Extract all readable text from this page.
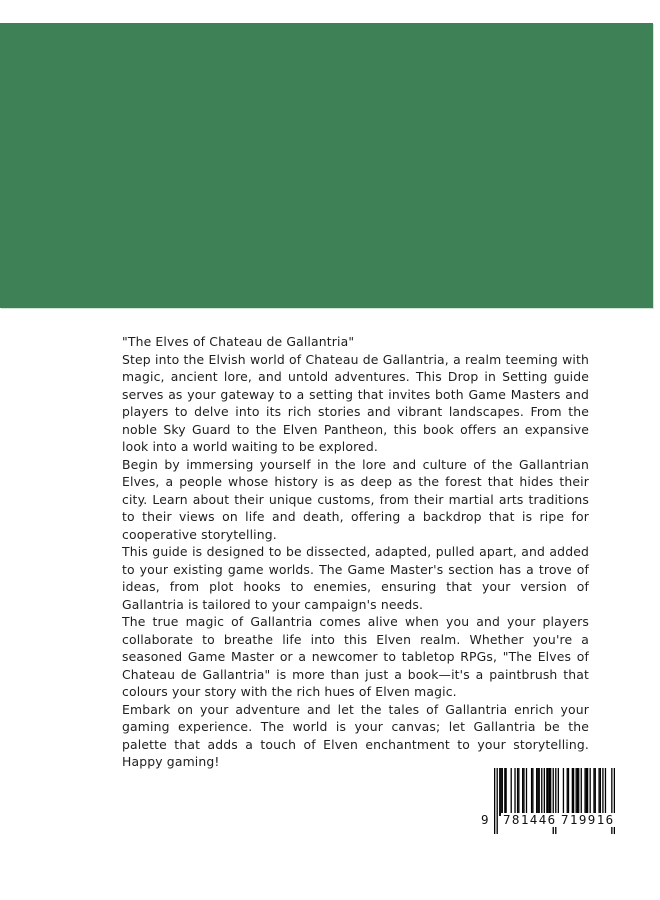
"The Elves of Chateau de Gallantria"

Step into the Elvish world of Chateau de Gallantria, a realm teeming with magic, ancient lore, and untold adventures. This Drop in Setting guide serves as your gateway to a setting that invites both Game Masters and players to delve into its rich stories and vibrant landscapes. From the noble Sky Guard to the Elven Pantheon, this book offers an expansive look into a world waiting to be explored.

Begin by immersing yourself in the lore and culture of the Gallantrian Elves, a people whose history is as deep as the forest that hides their city. Learn about their unique customs, from their martial arts traditions to their views on life and death, offering a backdrop that is ripe for cooperative storytelling.

This guide is designed to be dissected, adapted, pulled apart, and added to your existing game worlds. The Game Master's section has a trove of ideas, from plot hooks to enemies, ensuring that your version of Gallantria is tailored to your campaign's needs.

The true magic of Gallantria comes alive when you and your players collaborate to breathe life into this Elven realm. Whether you're a seasoned Game Master or a newcomer to tabletop RPGs, "The Elves of Chateau de Gallantria" is more than just a book—it's a paintbrush that colours your story with the rich hues of Elven magic.

Embark on your adventure and let the tales of Gallantria enrich your gaming experience. The world is your canvas; let Gallantria be the palette that adds a touch of Elven enchantment to your storytelling. Happy gaming!

9 781446 719916
